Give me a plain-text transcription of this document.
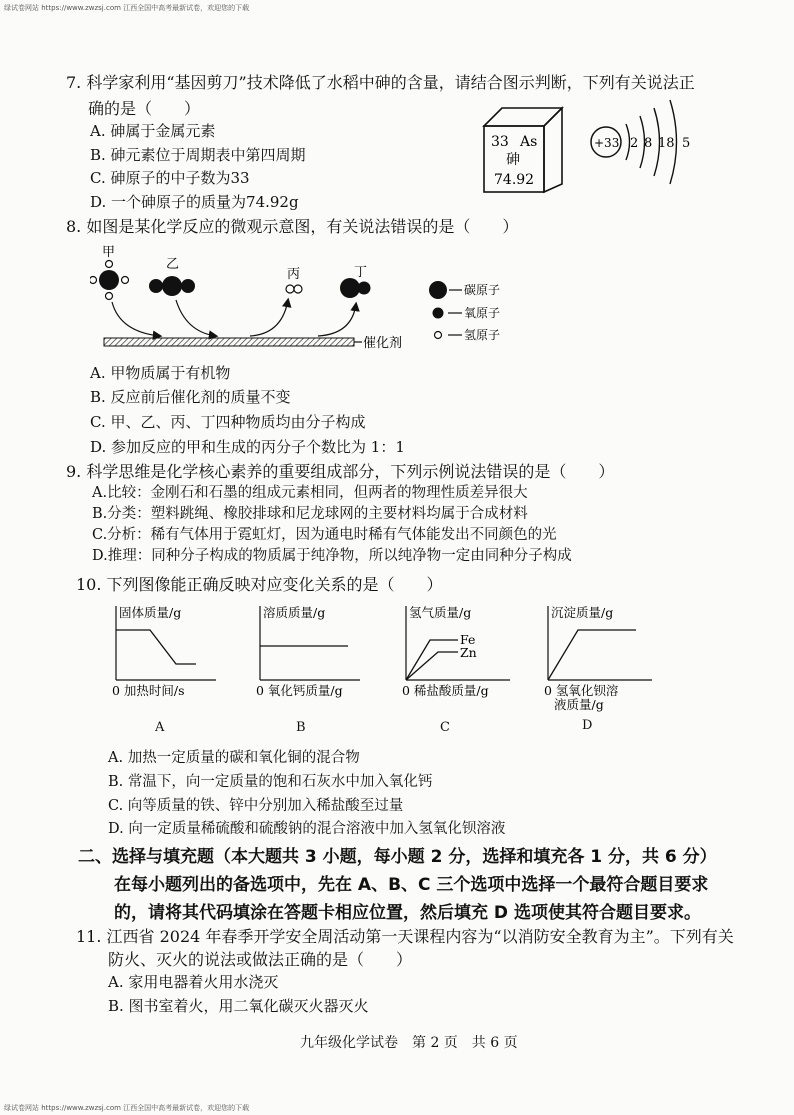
绿试卷网站 https://www.zwzsj.com 江西全国中高考最新试卷，欢迎您的下载
7. 科学家利用“基因剪刀”技术降低了水稻中砷的含量，请结合图示判断，下列有关说法正
确的是（　　）
A. 砷属于金属元素
B. 砷元素位于周期表中第四周期
C. 砷原子的中子数为33
D. 一个砷原子的质量为74.92g
33 As
砷
74.92
+33 2 8 18 5
8. 如图是某化学反应的微观示意图，有关说法错误的是（　　）
甲
乙
丙	丁
催化剂
碳原子
氧原子
氢原子
A. 甲物质属于有机物
B. 反应前后催化剂的质量不变
C. 甲、乙、丙、丁四种物质均由分子构成
D. 参加反应的甲和生成的丙分子个数比为 1：1
9. 科学思维是化学核心素养的重要组成部分，下列示例说法错误的是（　　）
A.比较：金刚石和石墨的组成元素相同，但两者的物理性质差异很大
B.分类：塑料跳绳、橡胶排球和尼龙球网的主要材料均属于合成材料
C.分析：稀有气体用于霓虹灯，因为通电时稀有气体能发出不同颜色的光
D.推理：同种分子构成的物质属于纯净物，所以纯净物一定由同种分子构成
10. 下列图像能正确反映对应变化关系的是（　　）
固体质量/g
0 加热时间/s
溶质质量/g
0 氧化钙质量/g
Fe
Zn
氢气质量/g
0 稀盐酸质量/g
沉淀质量/g
0 氢氧化钡溶
液质量/g
A	B	C	D
A. 加热一定质量的碳和氧化铜的混合物
B. 常温下，向一定质量的饱和石灰水中加入氧化钙
C. 向等质量的铁、锌中分别加入稀盐酸至过量
D. 向一定质量稀硫酸和硫酸钠的混合溶液中加入氢氧化钡溶液
二、选择与填充题（本大题共 3 小题，每小题 2 分，选择和填充各 1 分，共 6 分）
在每小题列出的备选项中，先在 A、B、C 三个选项中选择一个最符合题目要求
的，请将其代码填涂在答题卡相应位置，然后填充 D 选项使其符合题目要求。
11. 江西省 2024 年春季开学安全周活动第一天课程内容为“以消防安全教育为主”。下列有关
防火、灭火的说法或做法正确的是（　　）
A. 家用电器着火用水浇灭
B. 图书室着火，用二氧化碳灭火器灭火
九年级化学试卷　第 2 页　共 6 页
绿试卷网站 https://www.zwzsj.com 江西全国中高考最新试卷，欢迎您的下载
